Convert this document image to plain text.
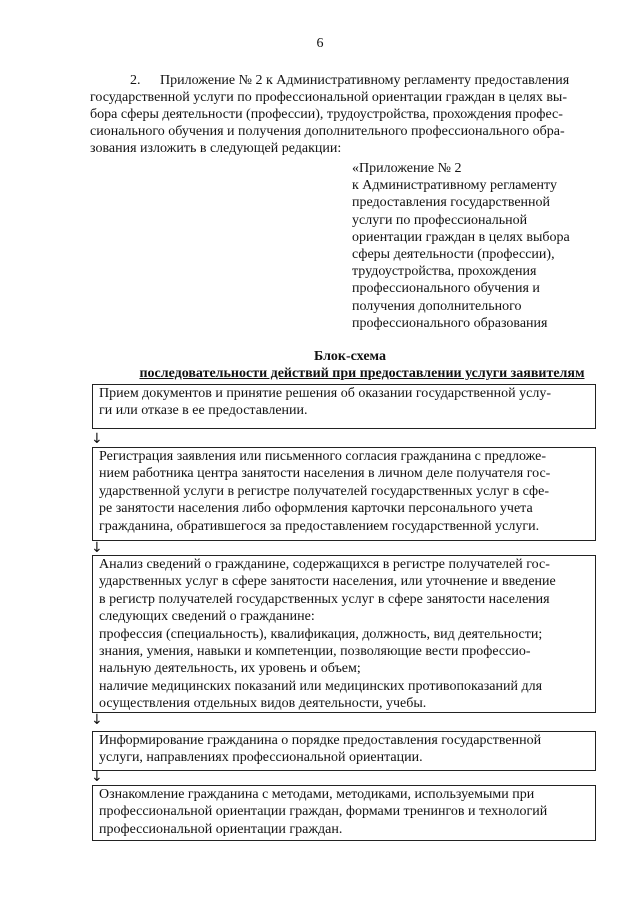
6
2. Приложение № 2 к Административному регламенту предоставления
государственной услуги по профессиональной ориентации граждан в целях вы-
бора сферы деятельности (профессии), трудоустройства, прохождения профес-
сионального обучения и получения дополнительного профессионального обра-
зования изложить в следующей редакции:
«Приложение № 2
к Административному регламенту
предоставления государственной
услуги по профессиональной
ориентации граждан в целях выбора
сферы деятельности (профессии),
трудоустройства, прохождения
профессионального обучения и
получения дополнительного
профессионального образования
Блок-схема
последовательности действий при предоставлении услуги заявителям
Прием документов и принятие решения об оказании государственной услу-
ги или отказе в ее предоставлении.
↓
Регистрация заявления или письменного согласия гражданина с предложе-
нием работника центра занятости населения в личном деле получателя гос-
ударственной услуги в регистре получателей государственных услуг в сфе-
ре занятости населения либо оформления карточки персонального учета
гражданина, обратившегося за предоставлением государственной услуги.
↓
Анализ сведений о гражданине, содержащихся в регистре получателей гос-
ударственных услуг в сфере занятости населения, или уточнение и введение
в регистр получателей государственных услуг в сфере занятости населения
следующих сведений о гражданине:
профессия (специальность), квалификация, должность, вид деятельности;
знания, умения, навыки и компетенции, позволяющие вести профессио-
нальную деятельность, их уровень и объем;
наличие медицинских показаний или медицинских противопоказаний для
осуществления отдельных видов деятельности, учебы.
↓
Информирование гражданина о порядке предоставления государственной
услуги, направлениях профессиональной ориентации.
↓
Ознакомление гражданина с методами, методиками, используемыми при
профессиональной ориентации граждан, формами тренингов и технологий
профессиональной ориентации граждан.
